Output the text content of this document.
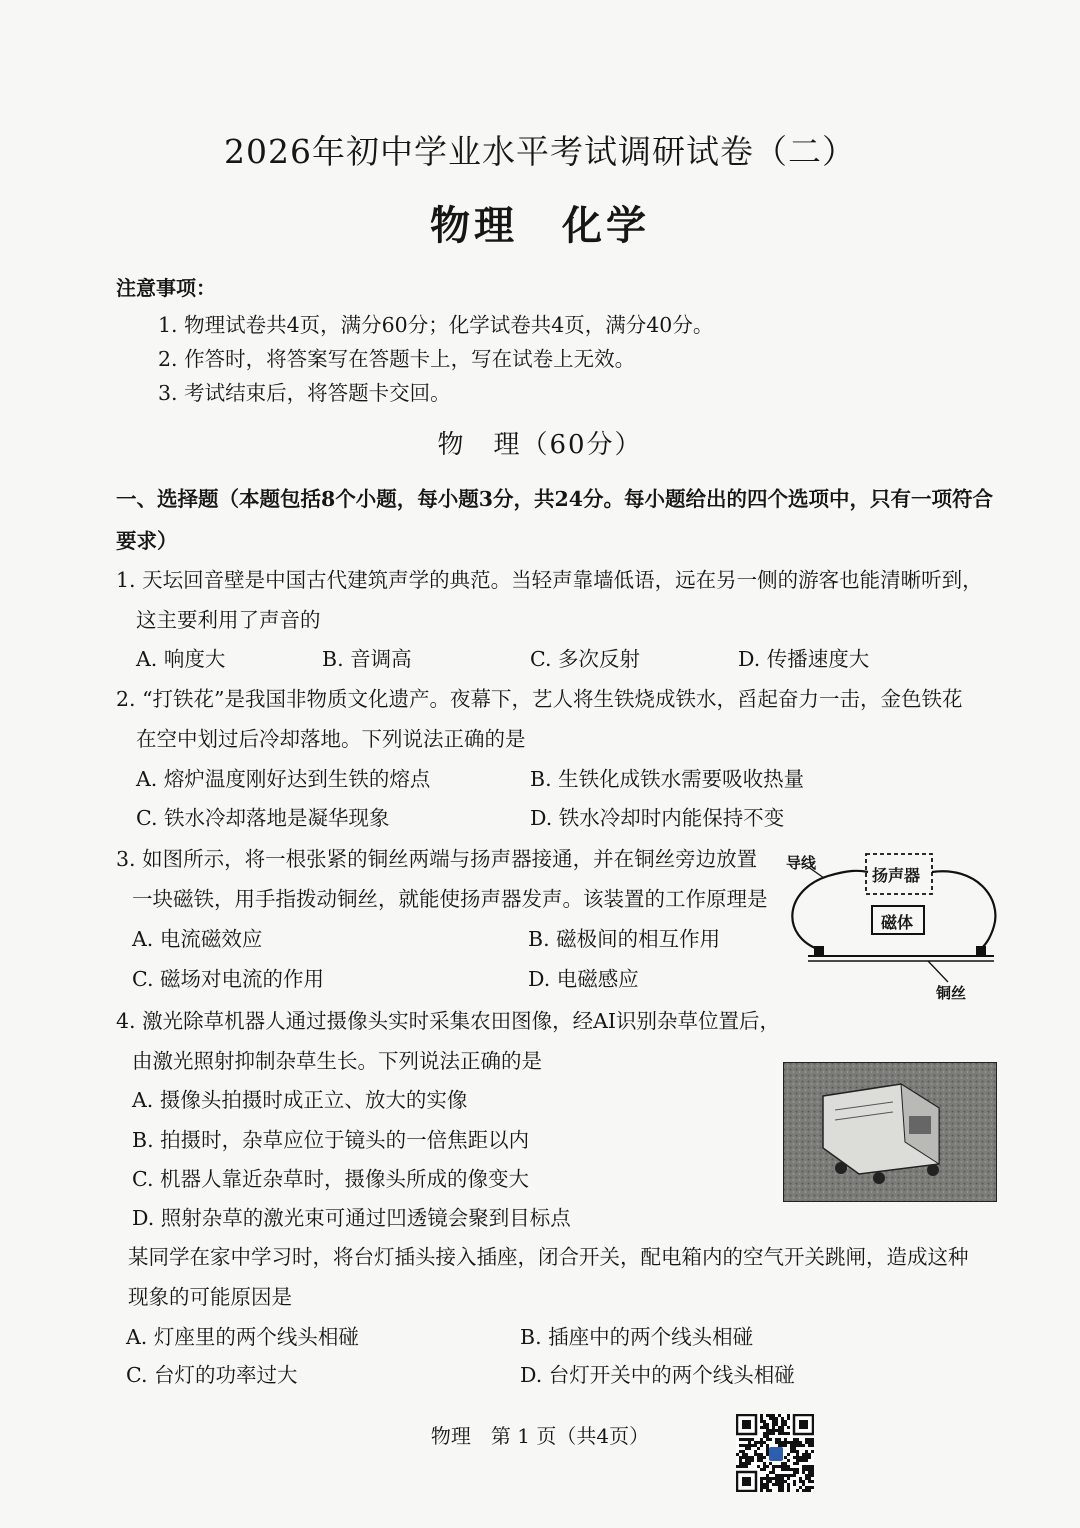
2026年初中学业水平考试调研试卷（二）
物理　化学
注意事项：
1. 物理试卷共4页，满分60分；化学试卷共4页，满分40分。
2. 作答时，将答案写在答题卡上，写在试卷上无效。
3. 考试结束后，将答题卡交回。
物　理（60分）
一、选择题（本题包括8个小题，每小题3分，共24分。每小题给出的四个选项中，只有一项符合
要求）
1. 天坛回音壁是中国古代建筑声学的典范。当轻声靠墙低语，远在另一侧的游客也能清晰听到，
这主要利用了声音的
A. 响度大	B. 音调高	C. 多次反射	D. 传播速度大
2. “打铁花”是我国非物质文化遗产。夜幕下，艺人将生铁烧成铁水，舀起奋力一击，金色铁花
在空中划过后冷却落地。下列说法正确的是
A. 熔炉温度刚好达到生铁的熔点	B. 生铁化成铁水需要吸收热量
C. 铁水冷却落地是凝华现象	D. 铁水冷却时内能保持不变
3. 如图所示，将一根张紧的铜丝两端与扬声器接通，并在铜丝旁边放置
一块磁铁，用手指拨动铜丝，就能使扬声器发声。该装置的工作原理是
A. 电流磁效应	B. 磁极间的相互作用
C. 磁场对电流的作用	D. 电磁感应
导线
扬声器
磁体
铜丝
4. 激光除草机器人通过摄像头实时采集农田图像，经AI识别杂草位置后，
由激光照射抑制杂草生长。下列说法正确的是
A. 摄像头拍摄时成正立、放大的实像
B. 拍摄时，杂草应位于镜头的一倍焦距以内
C. 机器人靠近杂草时，摄像头所成的像变大
D. 照射杂草的激光束可通过凹透镜会聚到目标点
某同学在家中学习时，将台灯插头接入插座，闭合开关，配电箱内的空气开关跳闸，造成这种
现象的可能原因是
A. 灯座里的两个线头相碰	B. 插座中的两个线头相碰
C. 台灯的功率过大	D. 台灯开关中的两个线头相碰
物理　第 1 页（共4页）
